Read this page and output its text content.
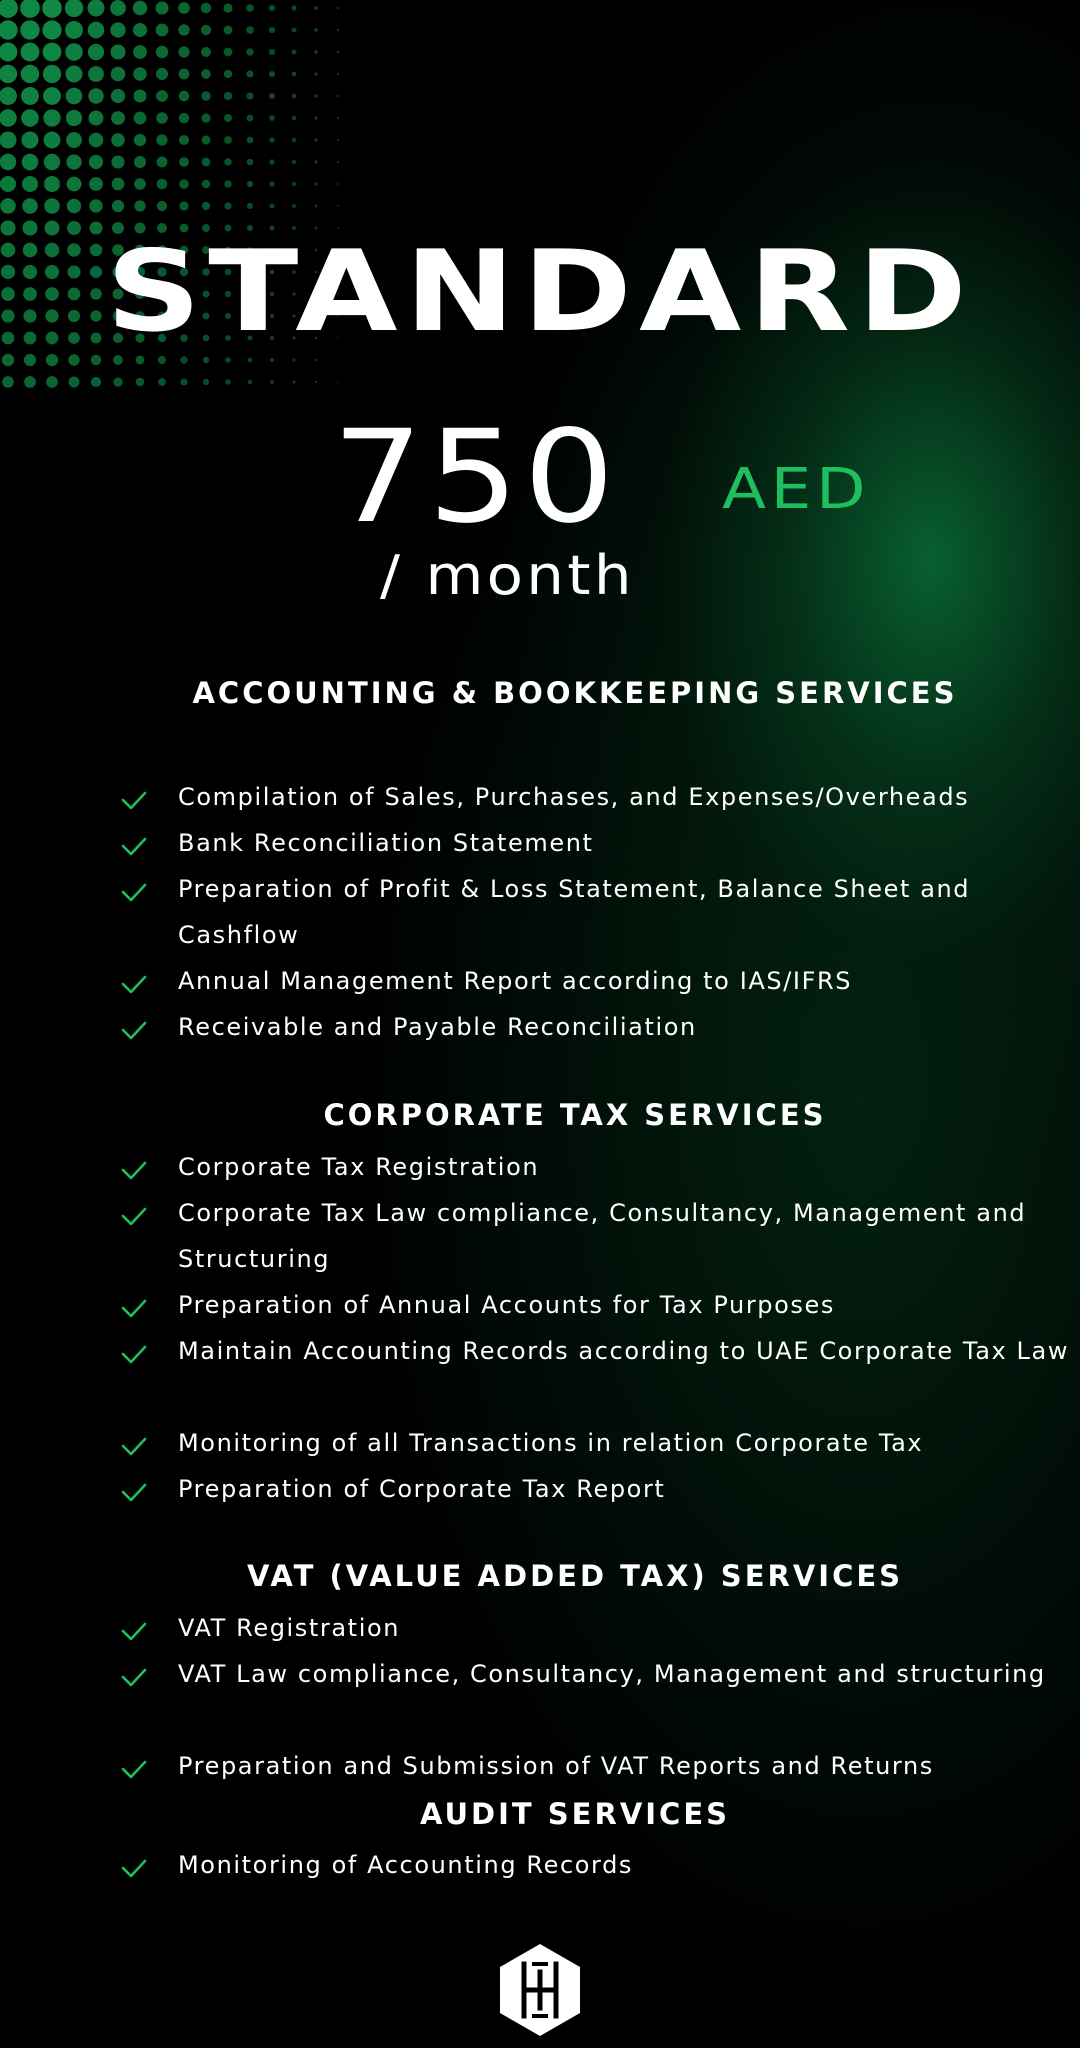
STANDARD
750 AED
/ month
ACCOUNTING & BOOKKEEPING SERVICES
Compilation of Sales, Purchases, and Expenses/Overheads
Bank Reconciliation Statement
Preparation of Profit & Loss Statement, Balance Sheet and Cashflow
Annual Management Report according to IAS/IFRS
Receivable and Payable Reconciliation
CORPORATE TAX SERVICES
Corporate Tax Registration
Corporate Tax Law compliance, Consultancy, Management and Structuring
Preparation of Annual Accounts for Tax Purposes
Maintain Accounting Records according to UAE Corporate Tax Law
Monitoring of all Transactions in relation Corporate Tax
Preparation of Corporate Tax Report
VAT (VALUE ADDED TAX) SERVICES
VAT Registration
VAT Law compliance, Consultancy, Management and structuring
Preparation and Submission of VAT Reports and Returns
AUDIT SERVICES
Monitoring of Accounting Records
